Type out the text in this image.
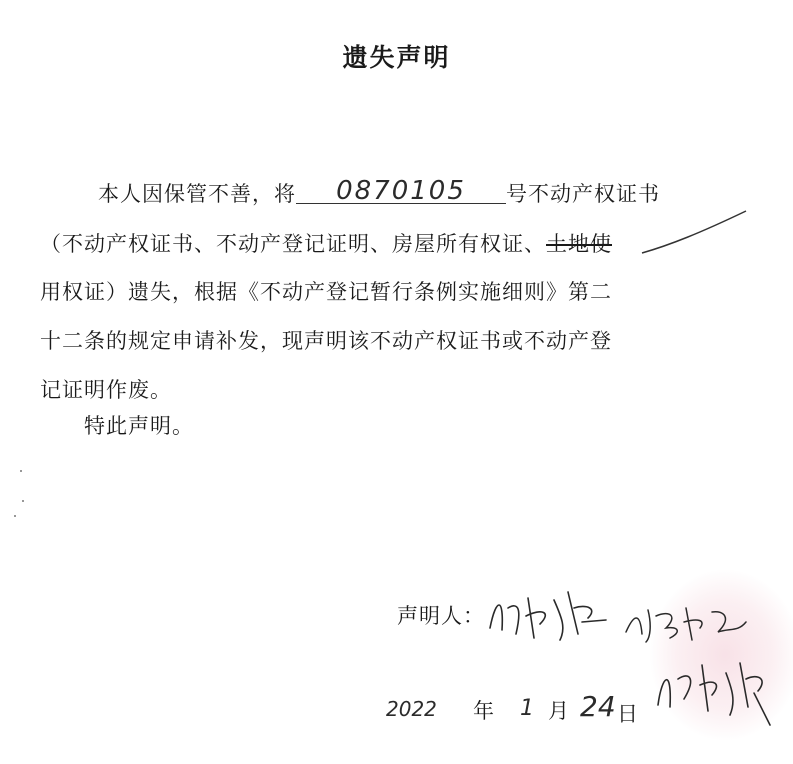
遗失声明
本人因保管不善，将 0870105 号不动产权证书
（不动产权证书、不动产登记证明、房屋所有权证、土地使
用权证）遗失，根据《不动产登记暂行条例实施细则》第二
十二条的规定申请补发，现声明该不动产权证书或不动产登
记证明作废。
特此声明。
声明人：
2022 年 1 月 24 日
